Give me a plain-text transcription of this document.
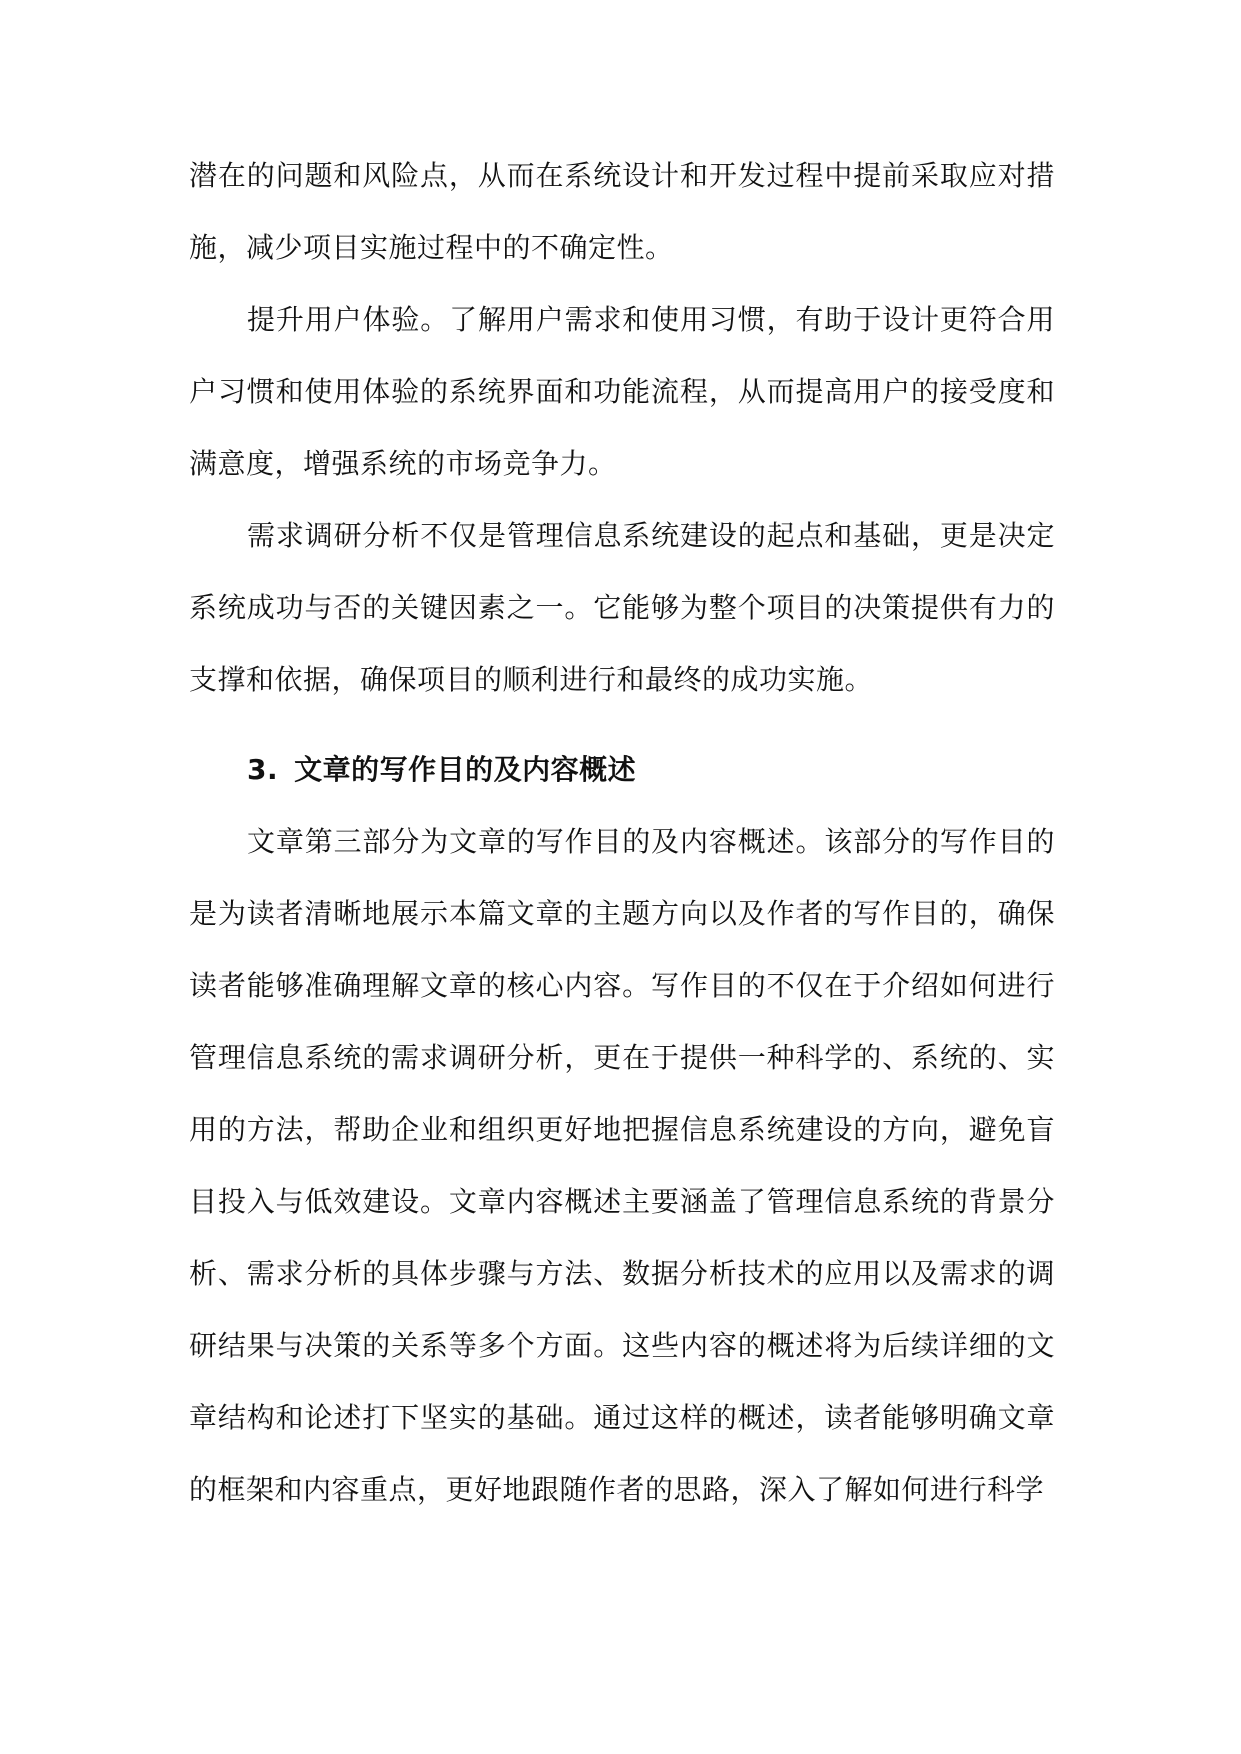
潜在的问题和风险点，从而在系统设计和开发过程中提前采取应对措施，减少项目实施过程中的不确定性。

提升用户体验。了解用户需求和使用习惯，有助于设计更符合用户习惯和使用体验的系统界面和功能流程，从而提高用户的接受度和满意度，增强系统的市场竞争力。

需求调研分析不仅是管理信息系统建设的起点和基础，更是决定系统成功与否的关键因素之一。它能够为整个项目的决策提供有力的支撑和依据，确保项目的顺利进行和最终的成功实施。

3. 文章的写作目的及内容概述

文章第三部分为文章的写作目的及内容概述。该部分的写作目的是为读者清晰地展示本篇文章的主题方向以及作者的写作目的，确保读者能够准确理解文章的核心内容。写作目的不仅在于介绍如何进行管理信息系统的需求调研分析，更在于提供一种科学的、系统的、实用的方法，帮助企业和组织更好地把握信息系统建设的方向，避免盲目投入与低效建设。文章内容概述主要涵盖了管理信息系统的背景分析、需求分析的具体步骤与方法、数据分析技术的应用以及需求的调研结果与决策的关系等多个方面。这些内容的概述将为后续详细的文章结构和论述打下坚实的基础。通过这样的概述，读者能够明确文章的框架和内容重点，更好地跟随作者的思路，深入了解如何进行科学
